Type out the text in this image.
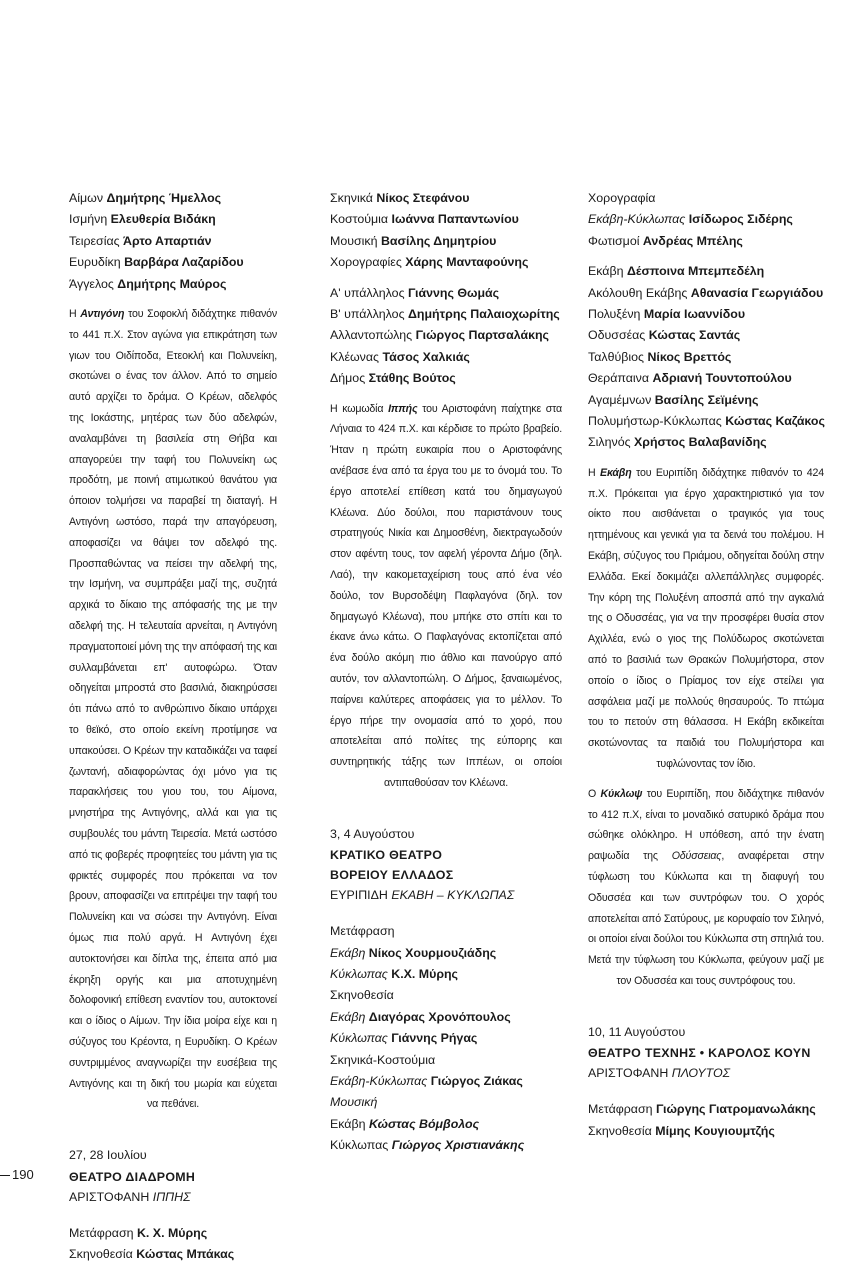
Αίμων Δημήτρης Ήμελλος

Ισμήνη Ελευθερία Βιδάκη

Τειρεσίας Άρτο Απαρτιάν

Ευρυδίκη Βαρβάρα Λαζαρίδου

Άγγελος Δημήτρης Μαύρος

Η Αντιγόνη του Σοφοκλή διδάχτηκε πιθανόν το 441 π.Χ. Στον αγώνα για επικράτηση των γιων του Οιδίποδα, Ετεοκλή και Πολυνείκη, σκοτώνει ο ένας τον άλλον. Από το σημείο αυτό αρχίζει το δράμα. Ο Κρέων, αδελφός της Ιοκάστης, μητέρας των δύο αδελφών, αναλαμβάνει τη βασιλεία στη Θήβα και απαγορεύει την ταφή του Πολυνείκη ως προδότη, με ποινή ατιμωτικού θανάτου για όποιον τολμήσει να παραβεί τη διαταγή. Η Αντιγόνη ωστόσο, παρά την απαγόρευση, αποφασίζει να θάψει τον αδελφό της. Προσπαθώντας να πείσει την αδελφή της, την Ισμήνη, να συμπράξει μαζί της, συζητά αρχικά το δίκαιο της απόφασής της με την αδελφή της. Η τελευταία αρνείται, η Αντιγόνη πραγματοποιεί μόνη της την απόφασή της και συλλαμβάνεται επ' αυτοφώρω. Όταν οδηγείται μπροστά στο βασιλιά, διακηρύσσει ότι πάνω από το ανθρώπινο δίκαιο υπάρχει το θεϊκό, στο οποίο εκείνη προτίμησε να υπακούσει. Ο Κρέων την καταδικάζει να ταφεί ζωντανή, αδιαφορώντας όχι μόνο για τις παρακλήσεις του γιου του, του Αίμονα, μνηστήρα της Αντιγόνης, αλλά και για τις συμβουλές του μάντη Τειρεσία. Μετά ωστόσο από τις φοβερές προφητείες του μάντη για τις φρικτές συμφορές που πρόκειται να τον βρουν, αποφασίζει να επιτρέψει την ταφή του Πολυνείκη και να σώσει την Αντιγόνη. Είναι όμως πια πολύ αργά. Η Αντιγόνη έχει αυτοκτονήσει και δίπλα της, έπειτα από μια έκρηξη οργής και μια αποτυχημένη δολοφονική επίθεση εναντίον του, αυτοκτονεί και ο ίδιος ο Αίμων. Την ίδια μοίρα είχε και η σύζυγος του Κρέοντα, η Ευρυδίκη. Ο Κρέων συντριμμένος αναγνωρίζει την ευσέβεια της Αντιγόνης και τη δική του μωρία και εύχεται να πεθάνει.

27, 28 Ιουλίου

ΘΕΑΤΡΟ ΔΙΑΔΡΟΜΗ

ΑΡΙΣΤΟΦΑΝΗ ΙΠΠΗΣ

Μετάφραση Κ. Χ. Μύρης

Σκηνοθεσία Κώστας Μπάκας

Σκηνικά Νίκος Στεφάνου

Κοστούμια Ιωάννα Παπαντωνίου

Μουσική Βασίλης Δημητρίου

Χορογραφίες Χάρης Μανταφούνης

Α' υπάλληλος Γιάννης Θωμάς

Β' υπάλληλος Δημήτρης Παλαιοχωρίτης

Αλλαντοπώλης Γιώργος Παρτσαλάκης

Κλέωνας Τάσος Χαλκιάς

Δήμος Στάθης Βούτος

Η κωμωδία Ιππής του Αριστοφάνη παίχτηκε στα Λήναια το 424 π.Χ. και κέρδισε το πρώτο βραβείο. Ήταν η πρώτη ευκαιρία που ο Αριστοφάνης ανέβασε ένα από τα έργα του με το όνομά του. Το έργο αποτελεί επίθεση κατά του δημαγωγού Κλέωνα. Δύο δούλοι, που παριστάνουν τους στρατηγούς Νικία και Δημοσθένη, διεκτραγωδούν στον αφέντη τους, τον αφελή γέροντα Δήμο (δηλ. Λαό), την κακομεταχείριση τους από ένα νέο δούλο, τον Βυρσοδέψη Παφλαγόνα (δηλ. τον δημαγωγό Κλέωνα), που μπήκε στο σπίτι και το έκανε άνω κάτω. Ο Παφλαγόνας εκτοπίζεται από ένα δούλο ακόμη πιο άθλιο και πανούργο από αυτόν, τον αλλαντοπώλη. Ο Δήμος, ξαναιωμένος, παίρνει καλύτερες αποφάσεις για το μέλλον. Το έργο πήρε την ονομασία από το χορό, που αποτελείται από πολίτες της εύπορης και συντηρητικής τάξης των Ιππέων, οι οποίοι αντιπαθούσαν τον Κλέωνα.

3, 4 Αυγούστου

ΚΡΑΤΙΚΟ ΘΕΑΤΡΟ

ΒΟΡΕΙΟΥ ΕΛΛΑΔΟΣ

ΕΥΡΙΠΙΔΗ ΕΚΑΒΗ – ΚΥΚΛΩΠΑΣ

Μετάφραση

Εκάβη Νίκος Χουρμουζιάδης

Κύκλωπας Κ.Χ. Μύρης

Σκηνοθεσία

Εκάβη Διαγόρας Χρονόπουλος

Κύκλωπας Γιάννης Ρήγας

Σκηνικά-Κοστούμια

Εκάβη-Κύκλωπας Γιώργος Ζιάκας

Μουσική

Εκάβη Κώστας Βόμβολος

Κύκλωπας Γιώργος Χριστιανάκης

Χορογραφία

Εκάβη-Κύκλωπας Ισίδωρος Σιδέρης

Φωτισμοί Ανδρέας Μπέλης

Εκάβη Δέσποινα Μπεμπεδέλη

Ακόλουθη Εκάβης Αθανασία Γεωργιάδου

Πολυξένη Μαρία Ιωαννίδου

Οδυσσέας Κώστας Σαντάς

Ταλθύβιος Νίκος Βρεττός

Θεράπαινα Αδριανή Τουντοπούλου

Αγαμέμνων Βασίλης Σεϊμένης

Πολυμήστωρ-Κύκλωπας Κώστας Καζάκος

Σιληνός Χρήστος Βαλαβανίδης

Η Εκάβη του Ευριπίδη διδάχτηκε πιθανόν το 424 π.Χ. Πρόκειται για έργο χαρακτηριστικό για τον οίκτο που αισθάνεται ο τραγικός για τους ηττημένους και γενικά για τα δεινά του πολέμου. Η Εκάβη, σύζυγος του Πριάμου, οδηγείται δούλη στην Ελλάδα. Εκεί δοκιμάζει αλλεπάλληλες συμφορές. Την κόρη της Πολυξένη αποσπά από την αγκαλιά της ο Οδυσσέας, για να την προσφέρει θυσία στον Αχιλλέα, ενώ ο γιος της Πολύδωρος σκοτώνεται από το βασιλιά των Θρακών Πολυμήστορα, στον οποίο ο ίδιος ο Πρίαμος τον είχε στείλει για ασφάλεια μαζί με πολλούς θησαυρούς. Το πτώμα του το πετούν στη θάλασσα. Η Εκάβη εκδικείται σκοτώνοντας τα παιδιά του Πολυμήστορα και τυφλώνοντας τον ίδιο.

Ο Κύκλωψ του Ευριπίδη, που διδάχτηκε πιθανόν το 412 π.Χ, είναι το μοναδικό σατυρικό δράμα που σώθηκε ολόκληρο. Η υπόθεση, από την ένατη ραψωδία της Οδύσσειας, αναφέρεται στην τύφλωση του Κύκλωπα και τη διαφυγή του Οδυσσέα και των συντρόφων του. Ο χορός αποτελείται από Σατύρους, με κορυφαίο τον Σιληνό, οι οποίοι είναι δούλοι του Κύκλωπα στη σπηλιά του. Μετά την τύφλωση του Κύκλωπα, φεύγουν μαζί με τον Οδυσσέα και τους συντρόφους του.

10, 11 Αυγούστου

ΘΕΑΤΡΟ ΤΕΧΝΗΣ • ΚΑΡΟΛΟΣ ΚΟΥΝ

ΑΡΙΣΤΟΦΑΝΗ ΠΛΟΥΤΟΣ

Μετάφραση Γιώργης Γιατρομανωλάκης

Σκηνοθεσία Μίμης Κουγιουμτζής

190
